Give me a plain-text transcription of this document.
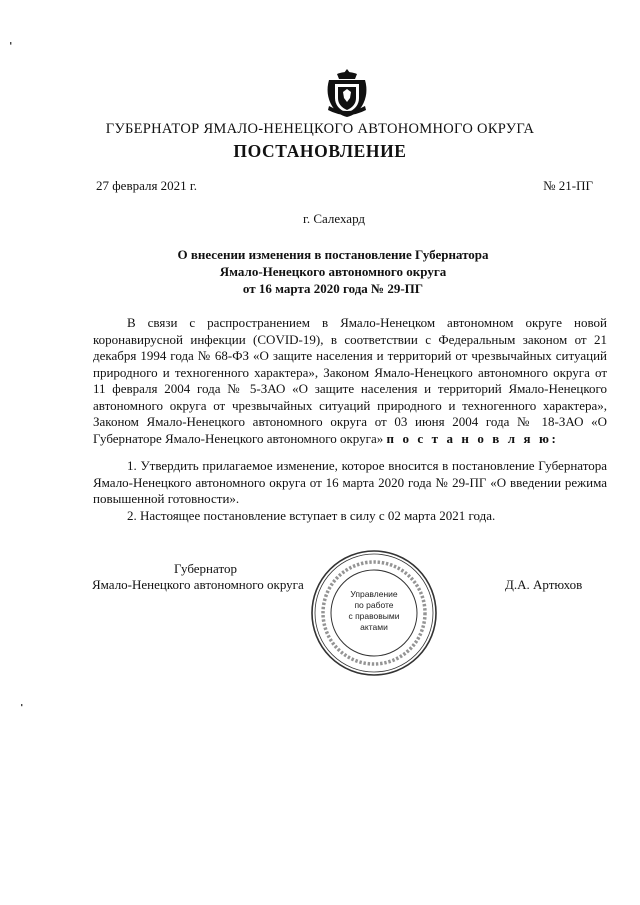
ГУБЕРНАТОР ЯМАЛО-НЕНЕЦКОГО АВТОНОМНОГО ОКРУГА
ПОСТАНОВЛЕНИЕ
27 февраля 2021 г.	№ 21-ПГ
г. Салехард
О внесении изменения в постановление Губернатора
Ямало-Ненецкого автономного округа
от 16 марта 2020 года № 29-ПГ

В связи с распространением в Ямало-Ненецком автономном округе новой коронавирусной инфекции (COVID-19), в соответствии с Федеральным законом от 21 декабря 1994 года № 68-ФЗ «О защите населения и территорий от чрезвычайных ситуаций природного и техногенного характера», Законом Ямало-Ненецкого автономного округа от 11 февраля 2004 года № 5-ЗАО «О защите населения и территорий Ямало-Ненецкого автономного округа от чрезвычайных ситуаций природного и техногенного характера», Законом Ямало-Ненецкого автономного округа от 03 июня 2004 года № 18-ЗАО «О Губернаторе Ямало-Ненецкого автономного округа» п о с т а н о в л я ю:

1. Утвердить прилагаемое изменение, которое вносится в постановление Губернатора Ямало-Ненецкого автономного округа от 16 марта 2020 года № 29-ПГ «О введении режима повышенной готовности».

2. Настоящее постановление вступает в силу с 02 марта 2021 года.

Губернатор
Ямало-Ненецкого автономного округа	Д.А. Артюхов
Управление
по работе
с правовыми
актами
